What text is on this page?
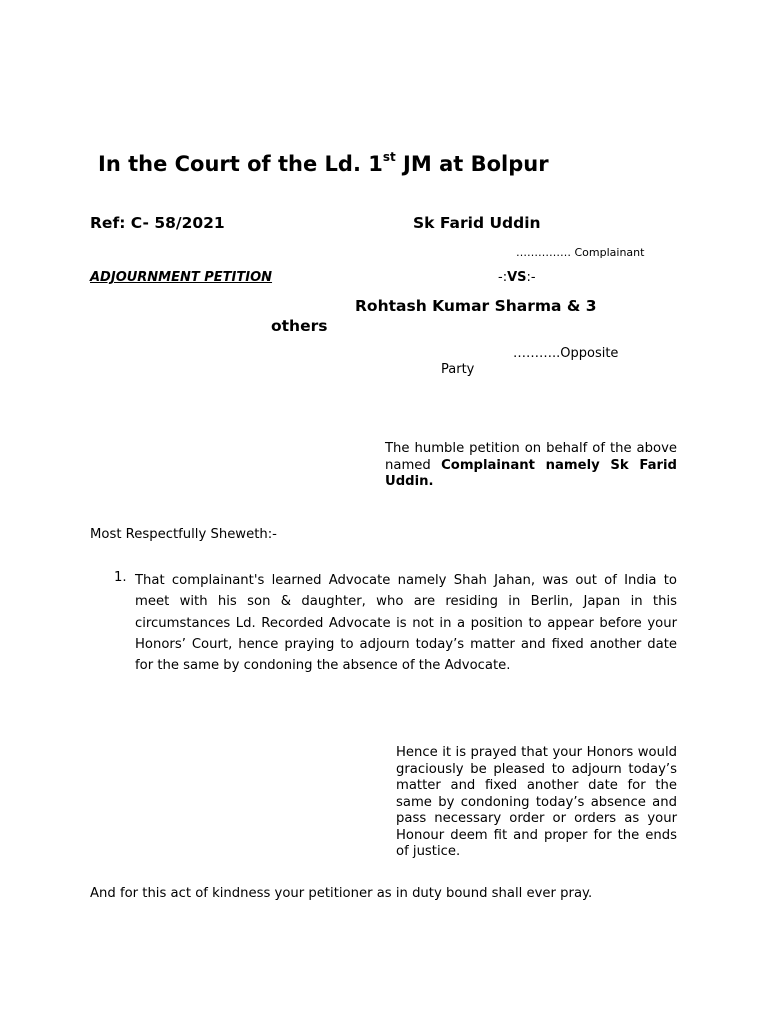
In the Court of the Ld. 1st JM at Bolpur
Ref: C- 58/2021	Sk Farid Uddin
…………… Complainant
ADJOURNMENT PETITION	-:VS:-
Rohtash Kumar Sharma & 3
others
………..Opposite
Party
The humble petition on behalf of the above named Complainant namely Sk Farid Uddin.
Most Respectfully Sheweth:-
1. That complainant's learned Advocate namely Shah Jahan, was out of India to meet with his son & daughter, who are residing in Berlin, Japan in this circumstances Ld. Recorded Advocate is not in a position to appear before your Honors’ Court, hence praying to adjourn today’s matter and fixed another date for the same by condoning the absence of the Advocate.
Hence it is prayed that your Honors would graciously be pleased to adjourn today’s matter and fixed another date for the same by condoning today’s absence and pass necessary order or orders as your Honour deem fit and proper for the ends of justice.
And for this act of kindness your petitioner as in duty bound shall ever pray.
